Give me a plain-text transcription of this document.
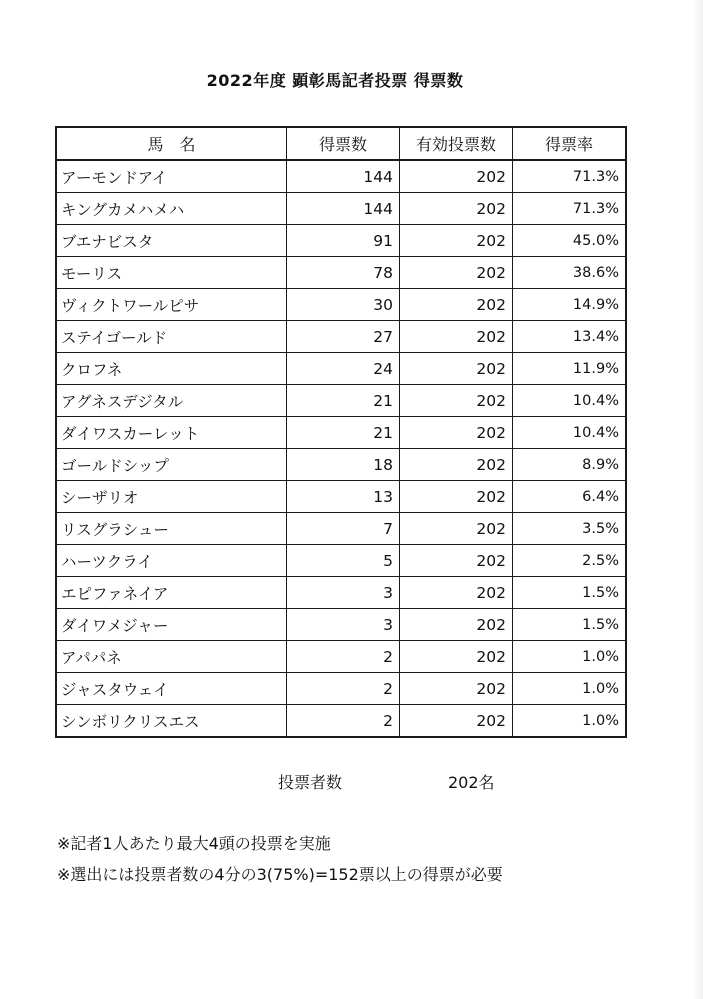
2022年度 顕彰馬記者投票 得票数
馬　名	得票数	有効投票数	得票率
アーモンドアイ	144	202	71.3%
キングカメハメハ	144	202	71.3%
ブエナビスタ	91	202	45.0%
モーリス	78	202	38.6%
ヴィクトワールピサ	30	202	14.9%
ステイゴールド	27	202	13.4%
クロフネ	24	202	11.9%
アグネスデジタル	21	202	10.4%
ダイワスカーレット	21	202	10.4%
ゴールドシップ	18	202	8.9%
シーザリオ	13	202	6.4%
リスグラシュー	7	202	3.5%
ハーツクライ	5	202	2.5%
エピファネイア	3	202	1.5%
ダイワメジャー	3	202	1.5%
アパパネ	2	202	1.0%
ジャスタウェイ	2	202	1.0%
シンボリクリスエス	2	202	1.0%
投票者数	202名
※記者1人あたり最大4頭の投票を実施
※選出には投票者数の4分の3(75%)=152票以上の得票が必要
